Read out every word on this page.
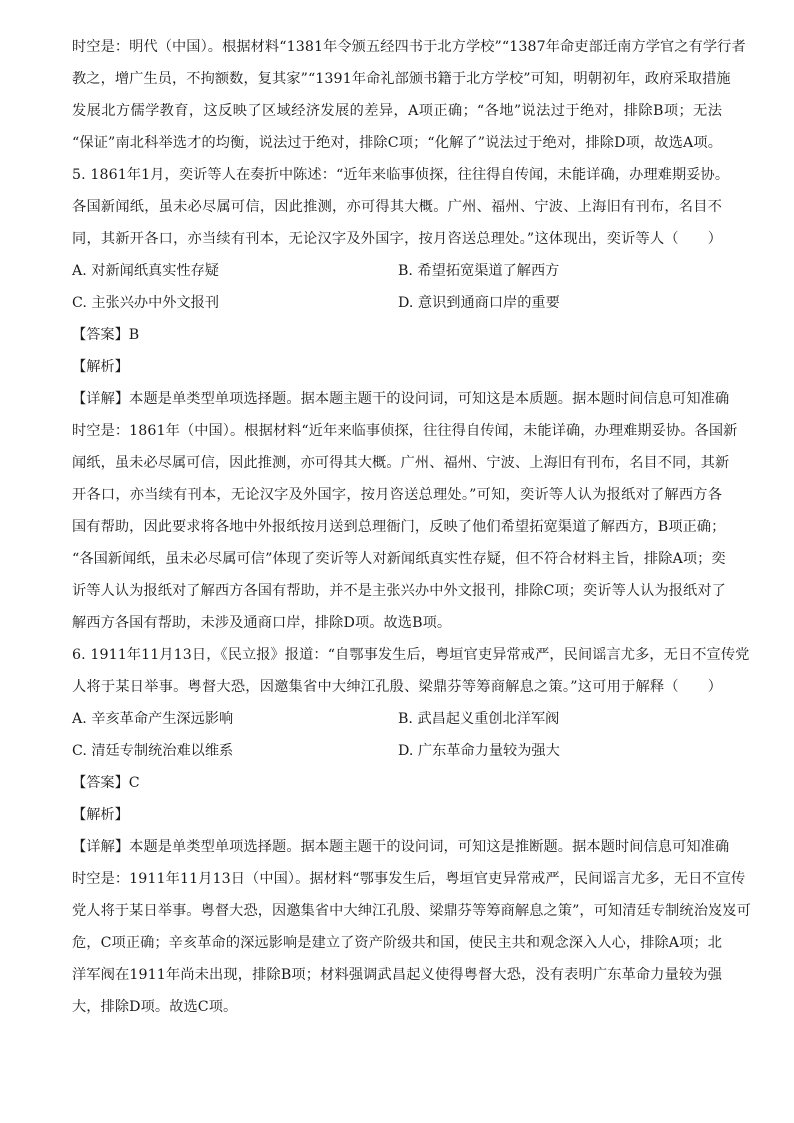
时空是：明代（中国）。根据材料“1381年令颁五经四书于北方学校”“1387年命吏部迁南方学官之有学行者
教之，增广生员，不拘额数，复其家”“1391年命礼部颁书籍于北方学校”可知，明朝初年，政府采取措施
发展北方儒学教育，这反映了区域经济发展的差异，A项正确；“各地”说法过于绝对，排除B项；无法
“保证”南北科举选才的均衡，说法过于绝对，排除C项；“化解了”说法过于绝对，排除D项，故选A项。
5. 1861年1月，奕䜣等人在奏折中陈述：“近年来临事侦探，往往得自传闻，未能详确，办理难期妥协。
各国新闻纸，虽未必尽属可信，因此推测，亦可得其大概。广州、福州、宁波、上海旧有刊布，名目不
同，其新开各口，亦当续有刊本，无论汉字及外国字，按月咨送总理处。”这体现出，奕䜣等人（　　）
A. 对新闻纸真实性存疑	B. 希望拓宽渠道了解西方
C. 主张兴办中外文报刊	D. 意识到通商口岸的重要
【答案】B
【解析】
【详解】本题是单类型单项选择题。据本题主题干的设问词，可知这是本质题。据本题时间信息可知准确
时空是：1861年（中国）。根据材料“近年来临事侦探，往往得自传闻，未能详确，办理难期妥协。各国新
闻纸，虽未必尽属可信，因此推测，亦可得其大概。广州、福州、宁波、上海旧有刊布，名目不同，其新
开各口，亦当续有刊本，无论汉字及外国字，按月咨送总理处。”可知，奕䜣等人认为报纸对了解西方各
国有帮助，因此要求将各地中外报纸按月送到总理衙门，反映了他们希望拓宽渠道了解西方，B项正确；
“各国新闻纸，虽未必尽属可信”体现了奕䜣等人对新闻纸真实性存疑，但不符合材料主旨，排除A项；奕
䜣等人认为报纸对了解西方各国有帮助，并不是主张兴办中外文报刊，排除C项；奕䜣等人认为报纸对了
解西方各国有帮助，未涉及通商口岸，排除D项。故选B项。
6. 1911年11月13日，《民立报》报道：“自鄂事发生后，粤垣官吏异常戒严，民间谣言尤多，无日不宣传党
人将于某日举事。粤督大恐，因邀集省中大绅江孔殷、梁鼎芬等筹商解息之策。”这可用于解释（　　）
A. 辛亥革命产生深远影响	B. 武昌起义重创北洋军阀
C. 清廷专制统治难以维系	D. 广东革命力量较为强大
【答案】C
【解析】
【详解】本题是单类型单项选择题。据本题主题干的设问词，可知这是推断题。据本题时间信息可知准确
时空是：1911年11月13日（中国）。据材料“鄂事发生后，粤垣官吏异常戒严，民间谣言尤多，无日不宣传
党人将于某日举事。粤督大恐，因邀集省中大绅江孔殷、梁鼎芬等筹商解息之策”，可知清廷专制统治岌岌可
危，C项正确；辛亥革命的深远影响是建立了资产阶级共和国，使民主共和观念深入人心，排除A项；北
洋军阀在1911年尚未出现，排除B项；材料强调武昌起义使得粤督大恐，没有表明广东革命力量较为强
大，排除D项。故选C项。
